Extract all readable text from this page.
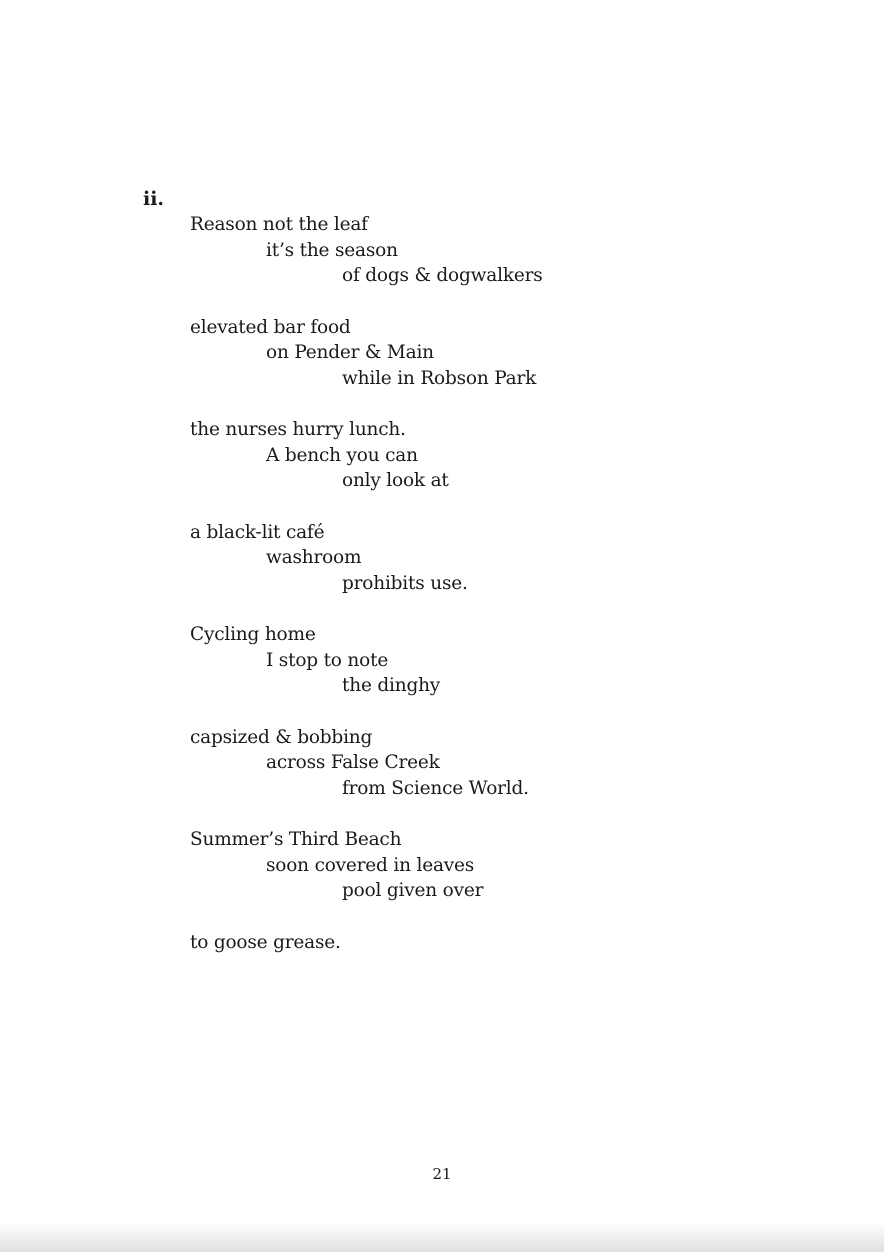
ii.
Reason not the leaf
it’s the season
of dogs & dogwalkers
elevated bar food
on Pender & Main
while in Robson Park
the nurses hurry lunch.
A bench you can
only look at
a black-lit café
washroom
prohibits use.
Cycling home
I stop to note
the dinghy
capsized & bobbing
across False Creek
from Science World.
Summer’s Third Beach
soon covered in leaves
pool given over
to goose grease.
21
